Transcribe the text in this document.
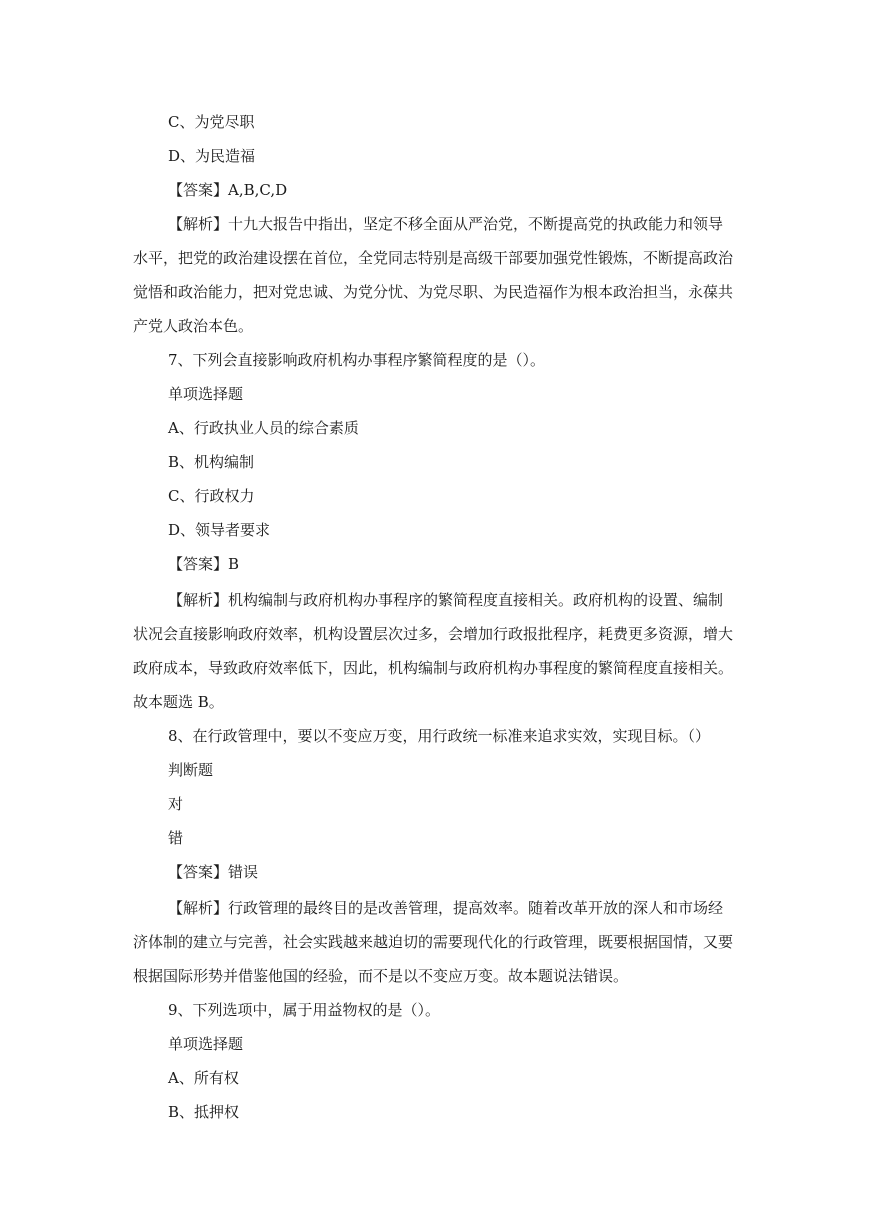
C、为党尽职
D、为民造福
【答案】A,B,C,D
【解析】十九大报告中指出，坚定不移全面从严治党，不断提高党的执政能力和领导
水平，把党的政治建设摆在首位，全党同志特别是高级干部要加强党性锻炼，不断提高政治
觉悟和政治能力，把对党忠诚、为党分忧、为党尽职、为民造福作为根本政治担当，永葆共
产党人政治本色。
7、下列会直接影响政府机构办事程序繁简程度的是（）。
单项选择题
A、行政执业人员的综合素质
B、机构编制
C、行政权力
D、领导者要求
【答案】B
【解析】机构编制与政府机构办事程序的繁简程度直接相关。政府机构的设置、编制
状况会直接影响政府效率，机构设置层次过多，会增加行政报批程序，耗费更多资源，增大
政府成本，导致政府效率低下，因此，机构编制与政府机构办事程度的繁简程度直接相关。
故本题选 B。
8、在行政管理中，要以不变应万变，用行政统一标准来追求实效，实现目标。（）
判断题
对
错
【答案】错误
【解析】行政管理的最终目的是改善管理，提高效率。随着改革开放的深人和市场经
济体制的建立与完善，社会实践越来越迫切的需要现代化的行政管理，既要根据国情，又要
根据国际形势并借鉴他国的经验，而不是以不变应万变。故本题说法错误。
9、下列选项中，属于用益物权的是（）。
单项选择题
A、所有权
B、抵押权
